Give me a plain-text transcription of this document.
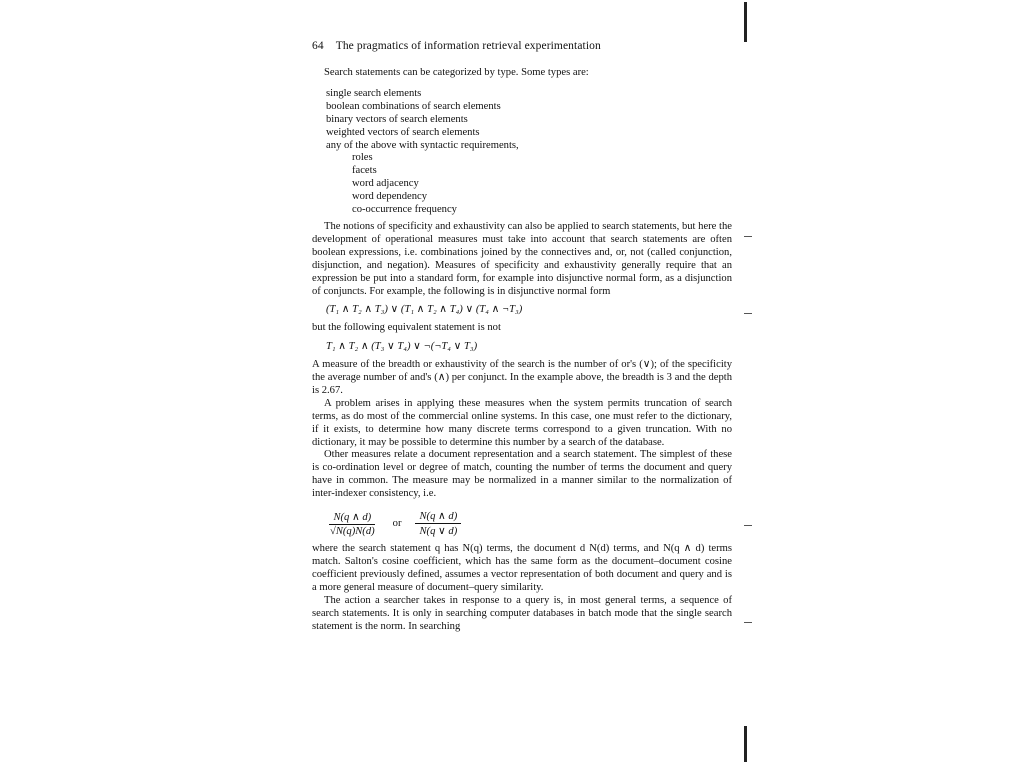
64 The pragmatics of information retrieval experimentation

Search statements can be categorized by type. Some types are:

single search elements
boolean combinations of search elements
binary vectors of search elements
weighted vectors of search elements
any of the above with syntactic requirements,
roles
facets
word adjacency
word dependency
co-occurrence frequency

The notions of specificity and exhaustivity can also be applied to search statements, but here the development of operational measures must take into account that search statements are often boolean expressions, i.e. combinations joined by the connectives and, or, not (called conjunction, disjunction, and negation). Measures of specificity and exhaustivity generally require that an expression be put into a standard form, for example into disjunctive normal form, as a disjunction of conjuncts. For example, the following is in disjunctive normal form

(T₁ ∧ T₂ ∧ T₃) ∨ (T₁ ∧ T₂ ∧ T₄) ∨ (T₄ ∧ ¬T₃)

but the following equivalent statement is not

T₁ ∧ T₂ ∧ (T₃ ∨ T₄) ∨ ¬(¬T₄ ∨ T₃)

A measure of the breadth or exhaustivity of the search is the number of or's (∨); of the specificity the average number of and's (∧) per conjunct. In the example above, the breadth is 3 and the depth is 2.67.

A problem arises in applying these measures when the system permits truncation of search terms, as do most of the commercial online systems. In this case, one must refer to the dictionary, if it exists, to determine how many discrete terms correspond to a given truncation. With no dictionary, it may be possible to determine this number by a search of the database.

Other measures relate a document representation and a search statement. The simplest of these is co-ordination level or degree of match, counting the number of terms the document and query have in common. The measure may be normalized in a manner similar to the normalization of inter-indexer consistency, i.e.

$\frac{N(q \wedge d)}{√N(q)N(d)}$ or $\frac{N(q \wedge d)}{N(q \vee d)}$

where the search statement q has N(q) terms, the document d N(d) terms, and N(q ∧ d) terms match. Salton's cosine coefficient, which has the same form as the document–document cosine coefficient previously defined, assumes a vector representation of both document and query and is a more general measure of document–query similarity.

The action a searcher takes in response to a query is, in most general terms, a sequence of search statements. It is only in searching computer databases in batch mode that the single search statement is the norm. In searching
